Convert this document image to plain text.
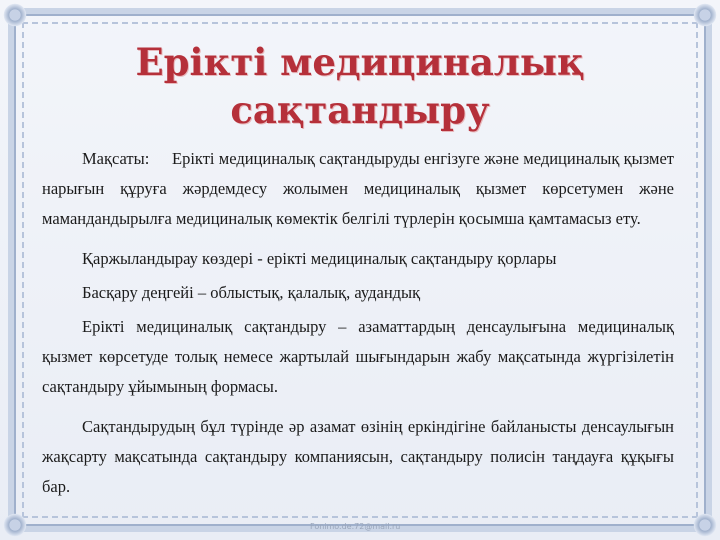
Ерікті медициналық
сақтандыру

Мақсаты: Ерікті медициналық сақтандыруды енгізуге және медициналық қызмет нарығын құруға жәрдемдесу жолымен медициналық қызмет көрсетумен және мамандандырылға медициналық көмектік белгілі түрлерін қосымша қамтамасыз ету.

Қаржыландырау көздері - ерікті медициналық сақтандыру қорлары

Басқару деңгейі – облыстық, қалалық, аудандық

Ерікті медициналық сақтандыру – азаматтардың денсаулығына медициналық қызмет көрсетуде толық немесе жартылай шығындарын жабу мақсатында жүргізілетін сақтандыру ұйымының формасы.

Сақтандырудың бұл түрінде әр азамат өзінің еркіндігіне байланысты денсаулығын жақсарту мақсатында сақтандыру компаниясын, сақтандыру полисін таңдауға құқығы бар.

Fonimo.de.72@mail.ru
